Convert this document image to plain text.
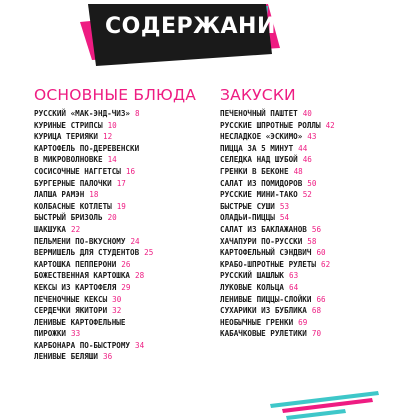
СОДЕРЖАНИЕ
ОСНОВНЫЕ БЛЮДА
РУССКИЙ «МАК-ЭНД-ЧИЗ» 8
КУРИНЫЕ СТРИПСЫ 10
КУРИЦА ТЕРИЯКИ 12
КАРТОФЕЛЬ ПО-ДЕРЕВЕНСКИ
В МИКРОВОЛНОВКЕ 14
СОСИСОЧНЫЕ НАГГЕТСЫ 16
БУРГЕРНЫЕ ПАЛОЧКИ 17
ЛАПША РАМЭН 18
КОЛБАСНЫЕ КОТЛЕТЫ 19
БЫСТРЫЙ БРИЗОЛЬ 20
ШАКШУКА 22
ПЕЛЬМЕНИ ПО-ВКУСНОМУ 24
ВЕРМИШЕЛЬ ДЛЯ СТУДЕНТОВ 25
КАРТОШКА ПЕППЕРОНИ 26
БОЖЕСТВЕННАЯ КАРТОШКА 28
КЕКСЫ ИЗ КАРТОФЕЛЯ 29
ПЕЧЕНОЧНЫЕ КЕКСЫ 30
СЕРДЕЧКИ ЯКИТОРИ 32
ЛЕНИВЫЕ КАРТОФЕЛЬНЫЕ
ПИРОЖКИ 33
КАРБОНАРА ПО-БЫСТРОМУ 34
ЛЕНИВЫЕ БЕЛЯШИ 36
ЗАКУСКИ
ПЕЧЕНОЧНЫЙ ПАШТЕТ 40
РУССКИЕ ШПРОТНЫЕ РОЛЛЫ 42
НЕСЛАДКОЕ «ЭСКИМО» 43
ПИЦЦА ЗА 5 МИНУТ 44
СЕЛЕДКА НАД ШУБОЙ 46
ГРЕНКИ В БЕКОНЕ 48
САЛАТ ИЗ ПОМИДОРОВ 50
РУССКИЕ МИНИ-ТАКО 52
БЫСТРЫЕ СУШИ 53
ОЛАДЬИ-ПИЦЦЫ 54
САЛАТ ИЗ БАКЛАЖАНОВ 56
ХАЧАПУРИ ПО-РУССКИ 58
КАРТОФЕЛЬНЫЙ СЭНДВИЧ 60
КРАБО-ШПРОТНЫЕ РУЛЕТЫ 62
РУССКИЙ ШАШЛЫК 63
ЛУКОВЫЕ КОЛЬЦА 64
ЛЕНИВЫЕ ПИЦЦЫ-СЛОЙКИ 66
СУХАРИКИ ИЗ БУБЛИКА 68
НЕОБЫЧНЫЕ ГРЕНКИ 69
КАБАЧКОВЫЕ РУЛЕТИКИ 70
